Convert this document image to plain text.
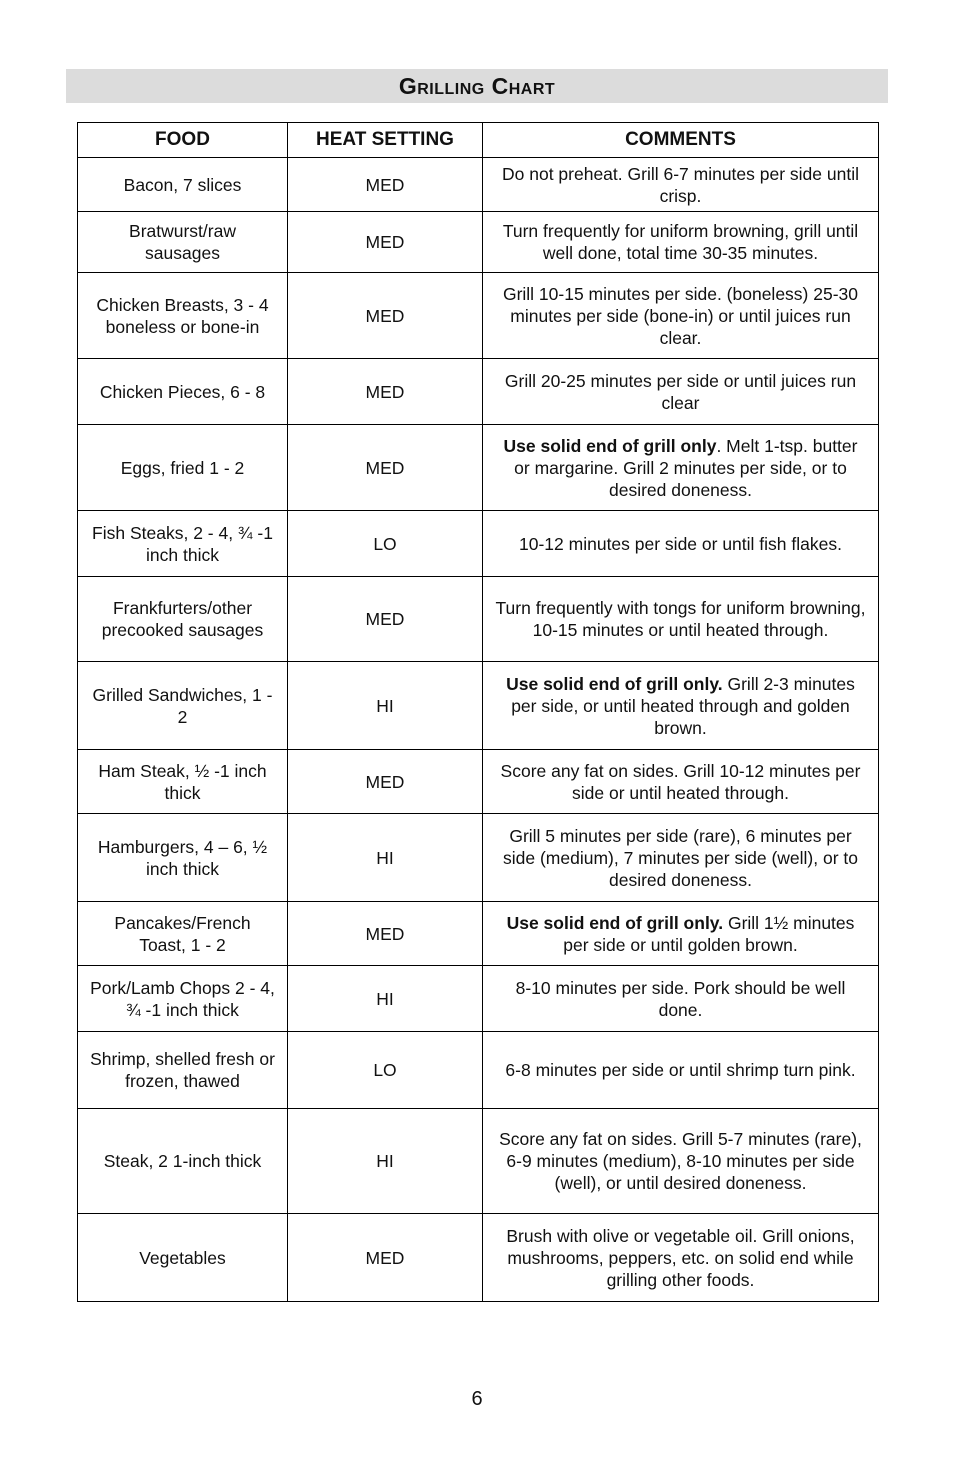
Grilling Chart
FOOD	HEAT SETTING	COMMENTS
Bacon, 7 slices	MED	Do not preheat. Grill 6-7 minutes per side until crisp.
Bratwurst/raw sausages	MED	Turn frequently for uniform browning, grill until well done, total time 30-35 minutes.
Chicken Breasts, 3 - 4 boneless or bone-in	MED	Grill 10-15 minutes per side. (boneless) 25-30 minutes per side (bone-in) or until juices run clear.
Chicken Pieces, 6 - 8	MED	Grill 20-25 minutes per side or until juices run clear
Eggs, fried 1 - 2	MED	Use solid end of grill only. Melt 1-tsp. butter or margarine. Grill 2 minutes per side, or to desired doneness.
Fish Steaks, 2 - 4, ¾ -1 inch thick	LO	10-12 minutes per side or until fish flakes.
Frankfurters/other precooked sausages	MED	Turn frequently with tongs for uniform browning, 10-15 minutes or until heated through.
Grilled Sandwiches, 1 - 2	HI	Use solid end of grill only. Grill 2-3 minutes per side, or until heated through and golden brown.
Ham Steak, ½ -1 inch thick	MED	Score any fat on sides. Grill 10-12 minutes per side or until heated through.
Hamburgers, 4 – 6, ½ inch thick	HI	Grill 5 minutes per side (rare), 6 minutes per side (medium), 7 minutes per side (well), or to desired doneness.
Pancakes/French Toast, 1 - 2	MED	Use solid end of grill only. Grill 1½ minutes per side or until golden brown.
Pork/Lamb Chops 2 - 4, ¾ -1 inch thick	HI	8-10 minutes per side. Pork should be well done.
Shrimp, shelled fresh or frozen, thawed	LO	6-8 minutes per side or until shrimp turn pink.
Steak, 2 1-inch thick	HI	Score any fat on sides. Grill 5-7 minutes (rare), 6-9 minutes (medium), 8-10 minutes per side (well), or until desired doneness.
Vegetables	MED	Brush with olive or vegetable oil. Grill onions, mushrooms, peppers, etc. on solid end while grilling other foods.
6
